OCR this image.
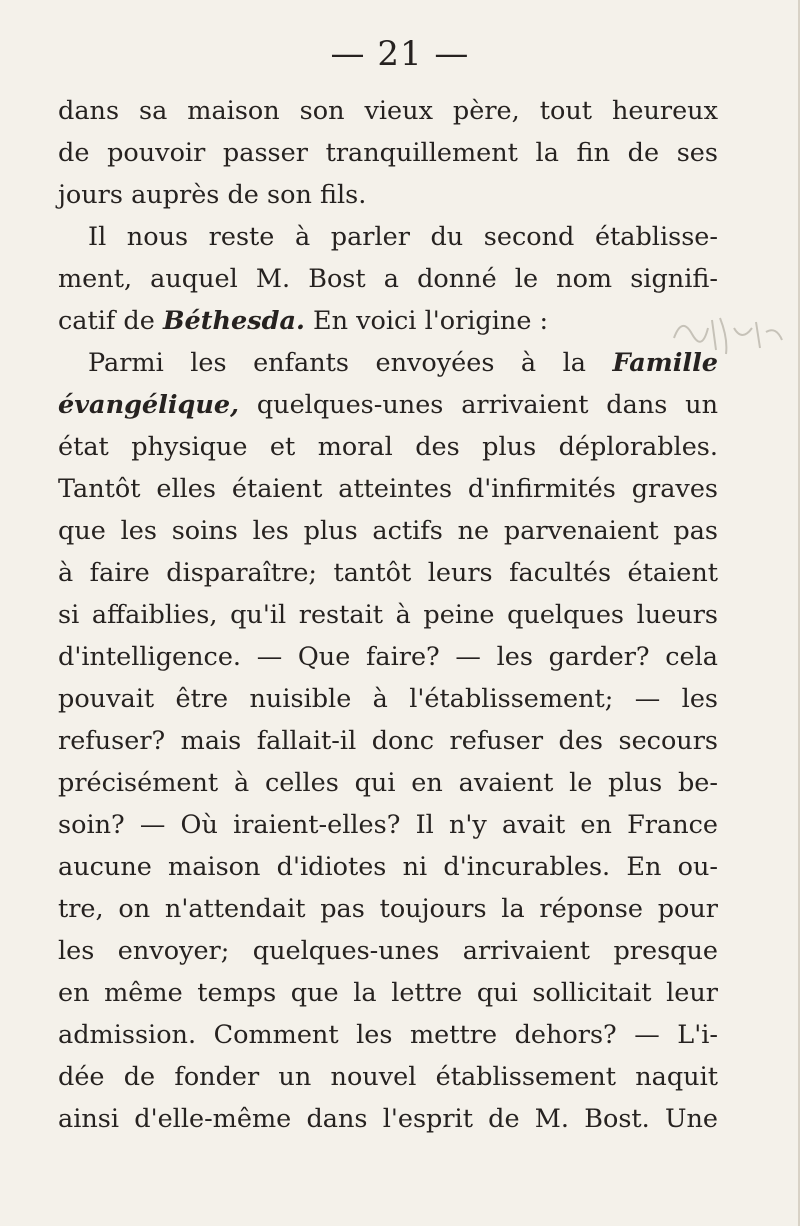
— 21 —
dans sa maison son vieux père, tout heureux
de pouvoir passer tranquillement la fin de ses
jours auprès de son fils.
Il nous reste à parler du second établisse-
ment, auquel M. Bost a donné le nom signifi-
catif de Béthesda. En voici l'origine :
Parmi les enfants envoyées à la Famille
évangélique, quelques-unes arrivaient dans un
état physique et moral des plus déplorables.
Tantôt elles étaient atteintes d'infirmités graves
que les soins les plus actifs ne parvenaient pas
à faire disparaître; tantôt leurs facultés étaient
si affaiblies, qu'il restait à peine quelques lueurs
d'intelligence. — Que faire? — les garder? cela
pouvait être nuisible à l'établissement; — les
refuser? mais fallait-il donc refuser des secours
précisément à celles qui en avaient le plus be-
soin? — Où iraient-elles? Il n'y avait en France
aucune maison d'idiotes ni d'incurables. En ou-
tre, on n'attendait pas toujours la réponse pour
les envoyer; quelques-unes arrivaient presque
en même temps que la lettre qui sollicitait leur
admission. Comment les mettre dehors? — L'i-
dée de fonder un nouvel établissement naquit
ainsi d'elle-même dans l'esprit de M. Bost. Une
